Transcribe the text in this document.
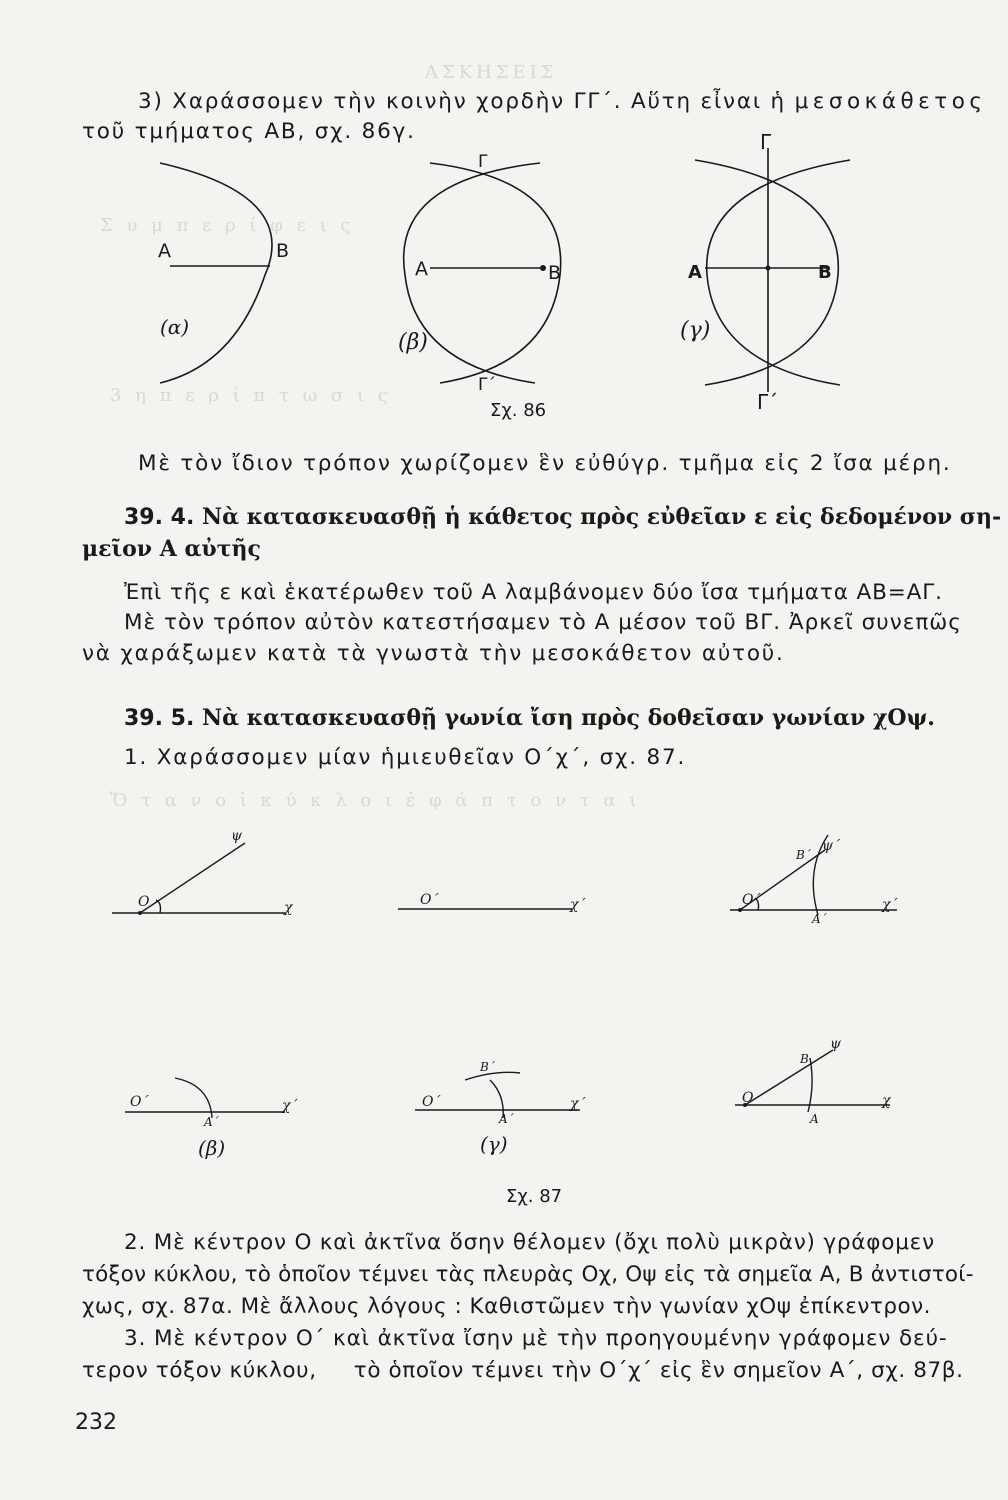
ΑΣΚΗΣΕΙΣ
Σ υ μ π ε ρ ί φ ε ι ς
3 η π ε ρ ί π τ ω σ ι ς
Ὅ τ α ν ο ἱ κ ύ κ λ ο ι ἐ φ ά π τ ο ν τ α ι
3) Χαράσσομεν τὴν κοινὴν χορδὴν ΓΓ΄. Αὕτη εἶναι ἡ μεσοκάθετος
τοῦ τμήματος ΑΒ, σχ. 86γ.
Α	Β
(α)
Γ
Α	Β
(β)
Γ΄
Γ
Α	Β
(γ)
Γ΄
Σχ. 86
Μὲ τὸν ἴδιον τρόπον χωρίζομεν ἓν εὐθύγρ. τμῆμα εἰς 2 ἴσα μέρη.
39. 4. Νὰ κατασκευασθῇ ἡ κάθετος πρὸς εὐθεῖαν ε εἰς δεδομένον ση-
μεῖον Α αὐτῆς
Ἐπὶ τῆς ε καὶ ἑκατέρωθεν τοῦ Α λαμβάνομεν δύο ἴσα τμήματα ΑΒ=ΑΓ.
Μὲ τὸν τρόπον αὐτὸν κατεστήσαμεν τὸ Α μέσον τοῦ ΒΓ. Ἀρκεῖ συνεπῶς
νὰ χαράξωμεν κατὰ τὰ γνωστὰ τὴν μεσοκάθετον αὐτοῦ.
39. 5. Νὰ κατασκευασθῇ γωνία ἴση πρὸς δοθεῖσαν γωνίαν χΟψ.
1. Χαράσσομεν μίαν ἡμιευθεῖαν Ο΄χ΄, σχ. 87.
Ο	χ
ψ
Ο΄	χ΄	Ο΄	χ΄
ψ΄
Β΄
Α΄
Ο΄	χ΄
Α΄
(β)
Β΄
Ο΄	χ΄
Α΄
(γ)
Ο	χ
ψ
Β
Α
Σχ. 87
2. Μὲ κέντρον Ο καὶ ἀκτῖνα ὅσην θέλομεν (ὄχι πολὺ μικρὰν) γράφομεν
τόξον κύκλου, τὸ ὁποῖον τέμνει τὰς πλευρὰς Οχ, Οψ εἰς τὰ σημεῖα Α, Β ἀντιστοί-
χως, σχ. 87α. Μὲ ἄλλους λόγους : Καθιστῶμεν τὴν γωνίαν χΟψ ἐπίκεντρον.
3. Μὲ κέντρον Ο΄ καὶ ἀκτῖνα ἴσην μὲ τὴν προηγουμένην γράφομεν δεύ-
τερον τόξον κύκλου,     τὸ ὁποῖον τέμνει τὴν Ο΄χ΄ εἰς ἓν σημεῖον Α΄, σχ. 87β.
232
